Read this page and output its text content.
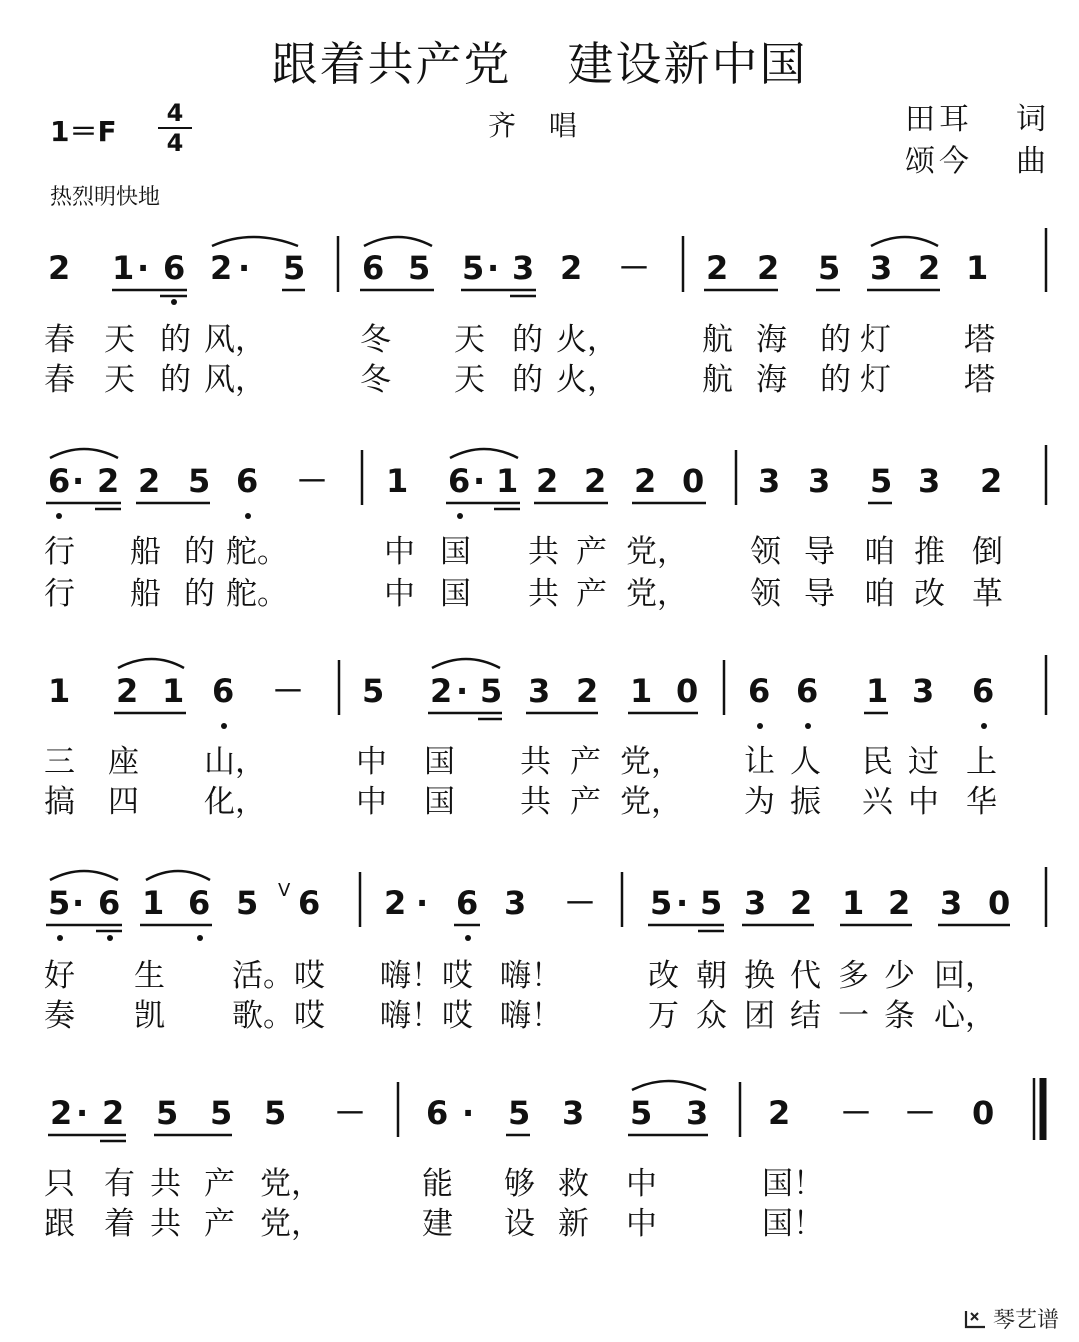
跟着共产党 建设新中国
1＝F
4
4
齐 唱	田耳 词
颂今 曲
热烈明快地
2 1 · 6 2 · 5 6 5 5 · 3 2 － 2 2 5 3 2 1
春 天 的 风，	冬 天 的 火，	航 海 的 灯 塔
春 天 的 风，	冬 天 的 火，	航 海 的 灯 塔
6 · 2 2 5 6 － 1 6 · 1 2 2 2 0 3 3 5 3 2
行 船 的 舵。	中 国 共 产 党， 领 导 咱 推 倒
行 船 的 舵。	中 国 共 产 党， 领 导 咱 改 革
1 2 1 6 － 5 2 · 5 3 2 1 0 6 6 1 3 6
三 座 山，	中 国 共 产 党， 让 人 民 过 上
搞 四 化，	中 国 共 产 党， 为 振 兴 中 华
5 · 6 1 6 5 V 6 2 · 6 3 － 5 · 5 3 2 1 2 3 0
好 生 活。哎 嗨！哎 嗨！	改 朝 换 代 多 少 回，
奏 凯 歌。哎 嗨！哎 嗨！	万 众 团 结 一 条 心，
2 · 2 5 5 5 － 6 · 5 3 5 3 2 － － 0
只 有 共 产 党，	能 够 救 中	国！
跟 着 共 产 党，	建 设 新 中	国！
琴艺谱
